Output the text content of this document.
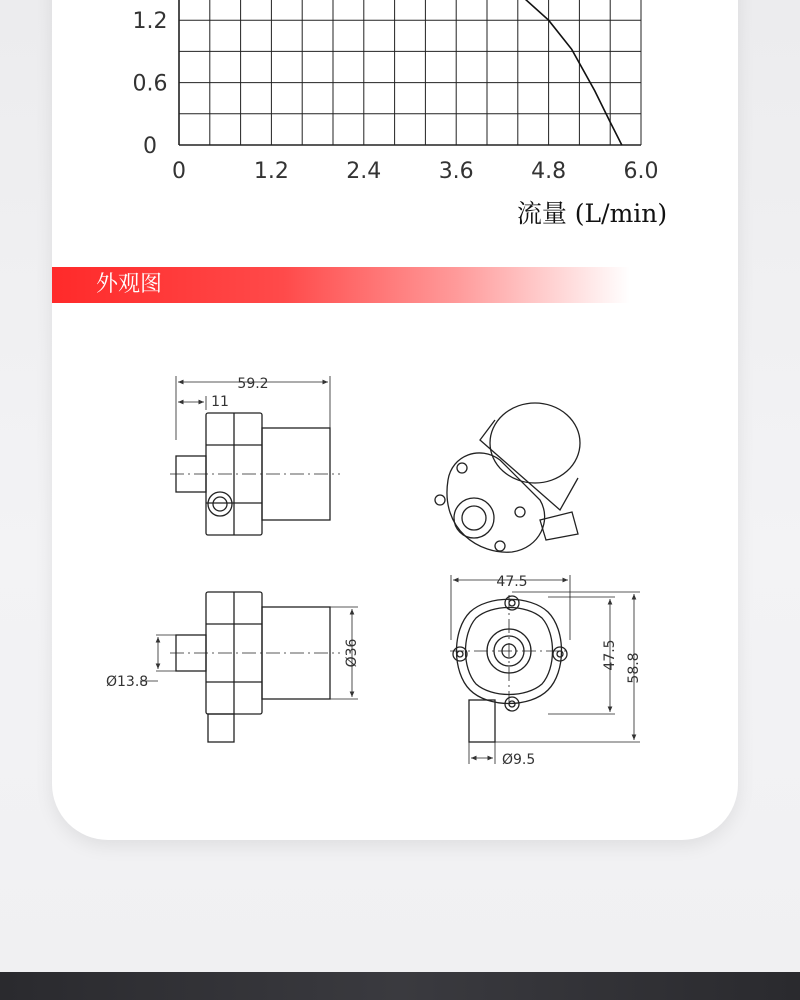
0	1.2	2.4	3.6	4.8	6.0
0
0.6
1.2
流量 (L/min)
外观图
59.2
11
Ø36
Ø13.8
47.5
47.5 58.8
Ø9.5
